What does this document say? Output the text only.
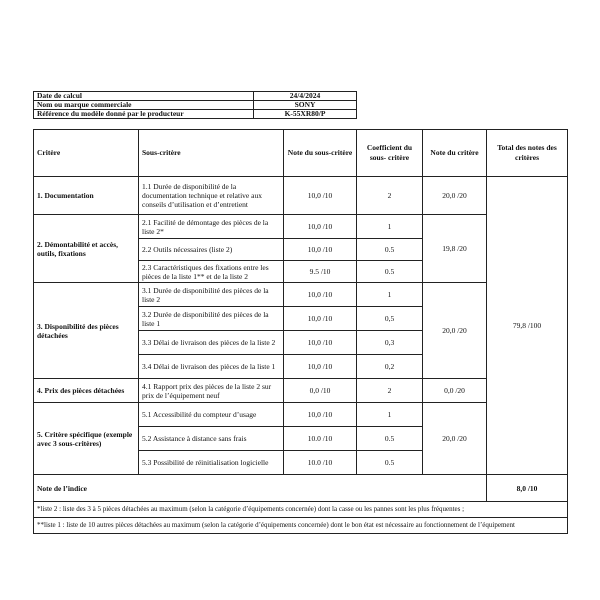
Date de calcul	24/4/2024
Nom ou marque commerciale	SONY
Référence du modèle donné par le producteur	K-55XR80/P
Critère	Sous-critère	Note du sous-critère	Coefficient du sous- critère	Note du critère	Total des notes des critères
1. Documentation	1.1 Durée de disponibilité de la documentation technique et relative aux conseils d’utilisation et d’entretient	10,0 /10	2	20,0 /20	79,8 /100
2. Démontabilité et accès, outils, fixations	2.1 Facilité de démontage des pièces de la liste 2*	10,0 /10	1	19,8 /20	
	2.2 Outils nécessaires (liste 2)	10,0 /10	0.5		
	2.3 Caractéristiques des fixations entre les pièces de la liste 1** et de la liste 2	9.5 /10	0.5		
3. Disponibilité des pièces détachées	3.1 Durée de disponibilité des pièces de la liste 2	10,0 /10	1	20,0 /20	
	3.2 Durée de disponibilité des pièces de la liste 1	10,0 /10	0,5		
	3.3 Délai de livraison des pièces de la liste 2	10,0 /10	0,3		
	3.4 Délai de livraison des pièces de la liste 1	10,0 /10	0,2		
4. Prix des pièces détachées	4.1 Rapport prix des pièces de la liste 2 sur prix de l’équipement neuf	0,0 /10	2	0,0 /20	
5. Critère spécifique (exemple avec 3 sous-critères)	5.1 Accessibilité du compteur d’usage	10,0 /10	1	20,0 /20	
	5.2 Assistance à distance sans frais	10.0 /10	0.5		
	5.3 Possibilité de réinitialisation logicielle	10.0 /10	0.5		
Note de l’indice					8,0 /10
*liste 2 : liste des 3 à 5 pièces détachées au maximum (selon la catégorie d’équipements concernée) dont la casse ou les pannes sont les plus fréquentes ;					
**liste 1 : liste de 10 autres pièces détachées au maximum (selon la catégorie d’équipements concernée) dont le bon état est nécessaire au fonctionnement de l’équipement					
